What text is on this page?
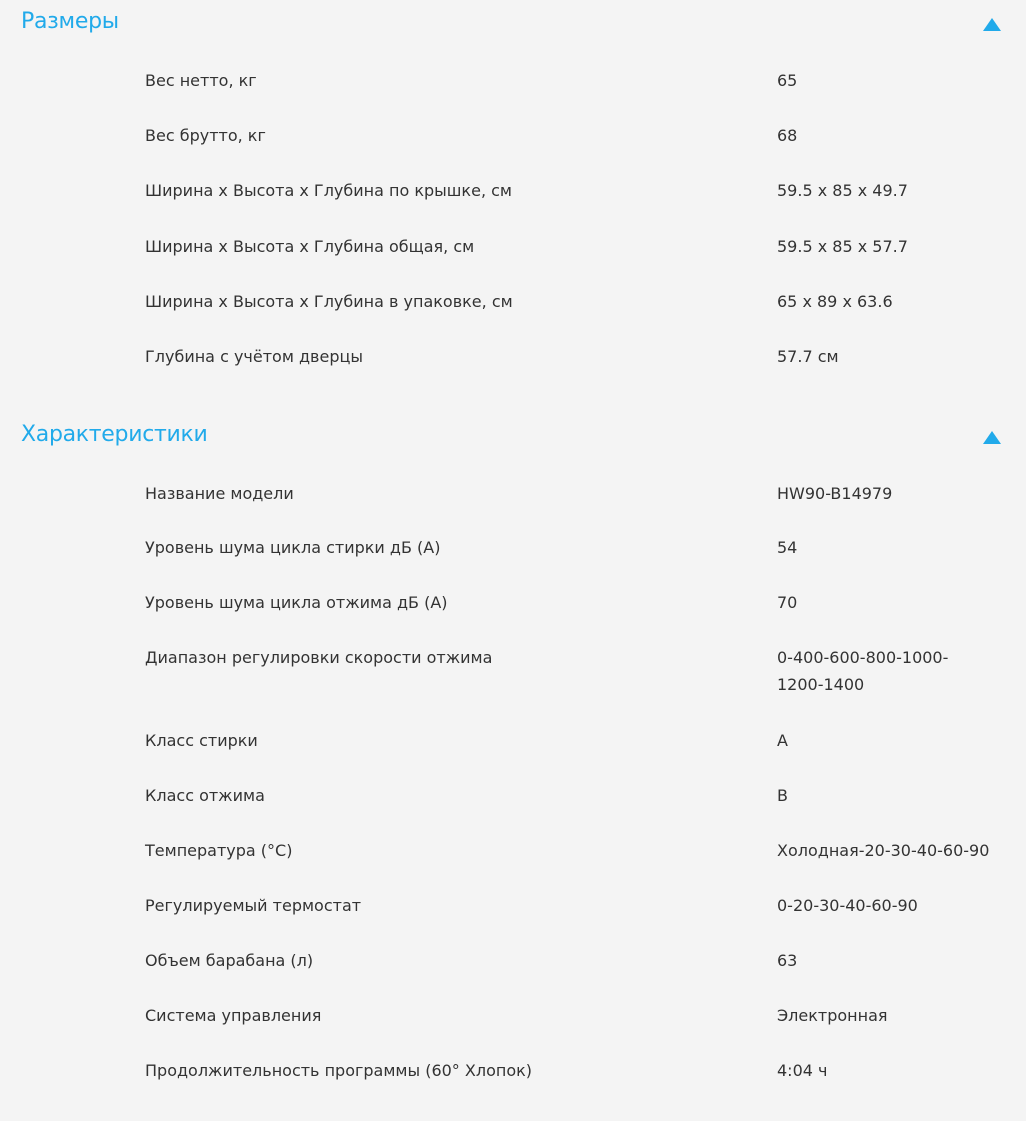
Размеры
Вес нетто, кг	65
Вес брутто, кг	68
Ширина x Высота x Глубина по крышке, см	59.5 x 85 x 49.7
Ширина x Высота x Глубина общая, см	59.5 x 85 x 57.7
Ширина x Высота x Глубина в упаковке, см	65 x 89 x 63.6
Глубина с учётом дверцы	57.7 см
Характеристики
Название модели	HW90-B14979
Уровень шума цикла стирки дБ (А)	54
Уровень шума цикла отжима дБ (А)	70
Диапазон регулировки скорости отжима	0-400-600-800-1000-1200-1400
Класс стирки	A
Класс отжима	B
Температура (°C)	Холодная-20-30-40-60-90
Регулируемый термостат	0-20-30-40-60-90
Объем барабана (л)	63
Система управления	Электронная
Продолжительность программы (60° Хлопок)	4:04 ч
